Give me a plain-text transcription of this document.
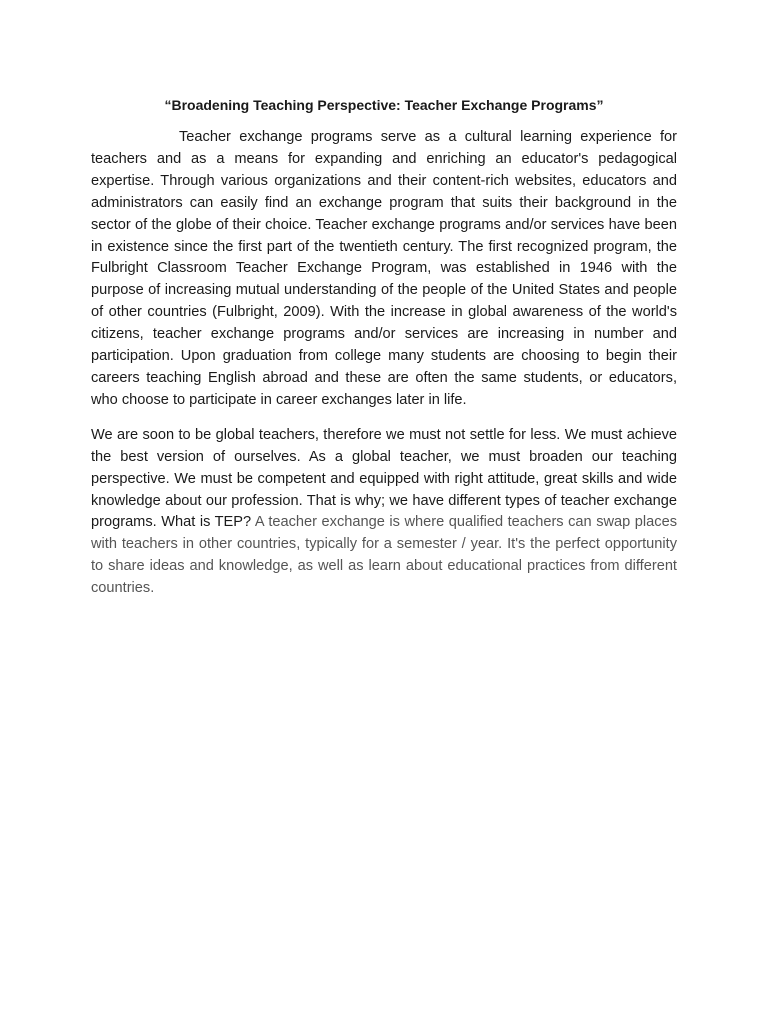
“Broadening Teaching Perspective: Teacher Exchange Programs”

Teacher exchange programs serve as a cultural learning experience for teachers and as a means for expanding and enriching an educator's pedagogical expertise. Through various organizations and their content-rich websites, educators and administrators can easily find an exchange program that suits their background in the sector of the globe of their choice. Teacher exchange programs and/or services have been in existence since the first part of the twentieth century. The first recognized program, the Fulbright Classroom Teacher Exchange Program, was established in 1946 with the purpose of increasing mutual understanding of the people of the United States and people of other countries (Fulbright, 2009). With the increase in global awareness of the world's citizens, teacher exchange programs and/or services are increasing in number and participation. Upon graduation from college many students are choosing to begin their careers teaching English abroad and these are often the same students, or educators, who choose to participate in career exchanges later in life.

We are soon to be global teachers, therefore we must not settle for less. We must achieve the best version of ourselves. As a global teacher, we must broaden our teaching perspective. We must be competent and equipped with right attitude, great skills and wide knowledge about our profession. That is why; we have different types of teacher exchange programs. What is TEP? A teacher exchange is where qualified teachers can swap places with teachers in other countries, typically for a semester / year. It's the perfect opportunity to share ideas and knowledge, as well as learn about educational practices from different countries.
